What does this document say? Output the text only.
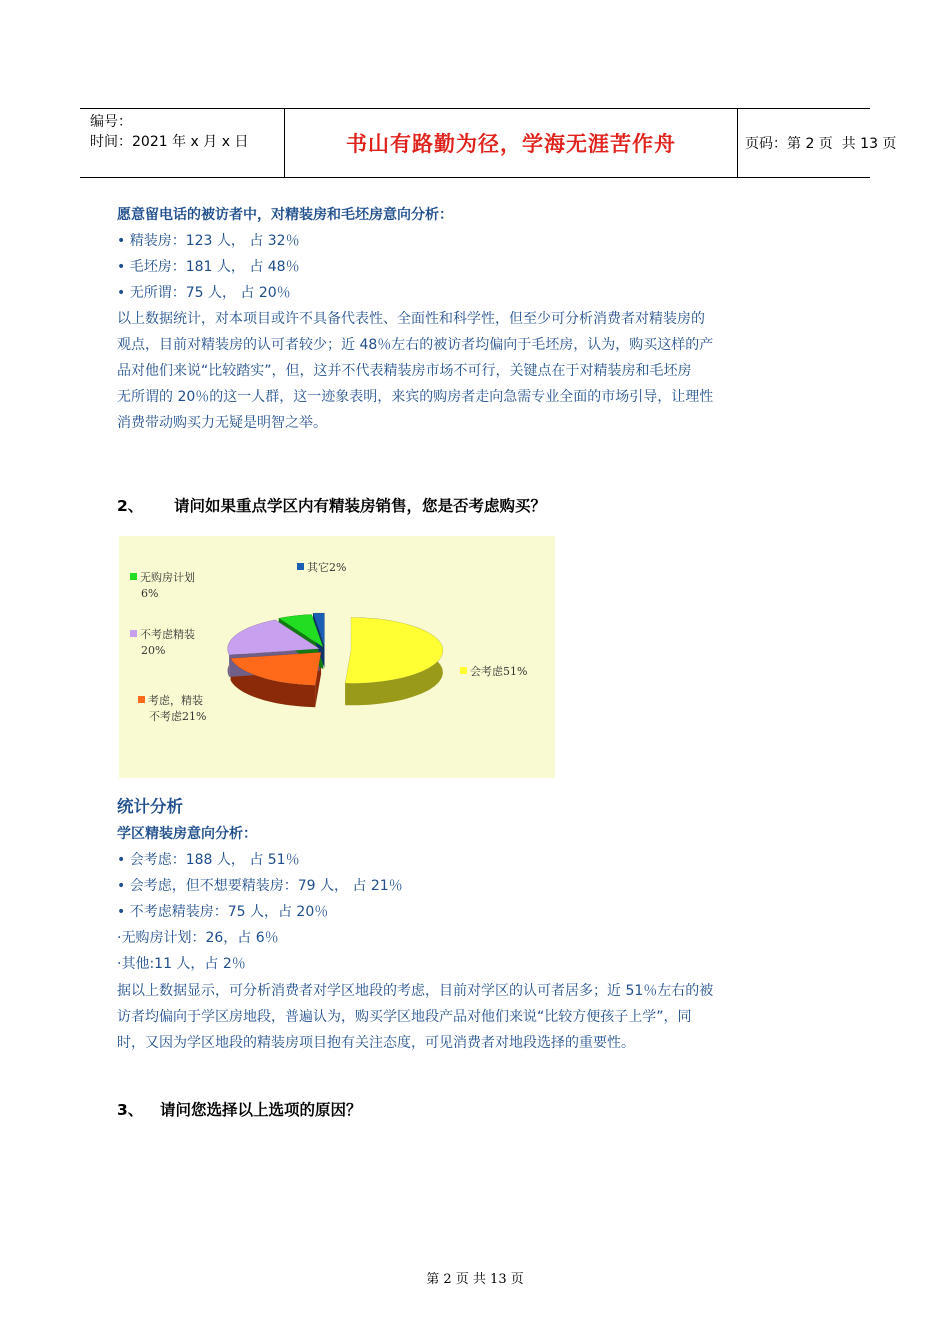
编号：
时间：2021 年 x 月 x 日	书山有路勤为径，学海无涯苦作舟	页码：第 2 页  共 13 页
愿意留电话的被访者中，对精装房和毛坯房意向分析：
• 精装房：123 人， 占 32％
• 毛坯房：181 人， 占 48％
• 无所谓：75 人， 占 20％
以上数据统计，对本项目或许不具备代表性、全面性和科学性，但至少可分析消费者对精装房的
观点，目前对精装房的认可者较少；近 48％左右的被访者均偏向于毛坯房，认为，购买这样的产
品对他们来说“比较踏实”，但，这并不代表精装房市场不可行，关键点在于对精装房和毛坯房
无所谓的 20％的这一人群，这一迹象表明，来宾的购房者走向急需专业全面的市场引导，让理性
消费带动购买力无疑是明智之举。
2、 请问如果重点学区内有精装房销售，您是否考虑购买？
其它2%
无购房计划
6%
不考虑精装
20%
考虑，精装
不考虑21%
会考虑51%
统计分析
学区精装房意向分析：
• 会考虑：188 人， 占 51％
• 会考虑，但不想要精装房：79 人， 占 21％
• 不考虑精装房：75 人，占 20％
·无购房计划：26，占 6％
·其他:11 人，占 2％
据以上数据显示，可分析消费者对学区地段的考虑，目前对学区的认可者居多；近 51％左右的被
访者均偏向于学区房地段，普遍认为，购买学区地段产品对他们来说“比较方便孩子上学”，同
时，又因为学区地段的精装房项目抱有关注态度，可见消费者对地段选择的重要性。
3、 请问您选择以上选项的原因？
第 2 页 共 13 页
